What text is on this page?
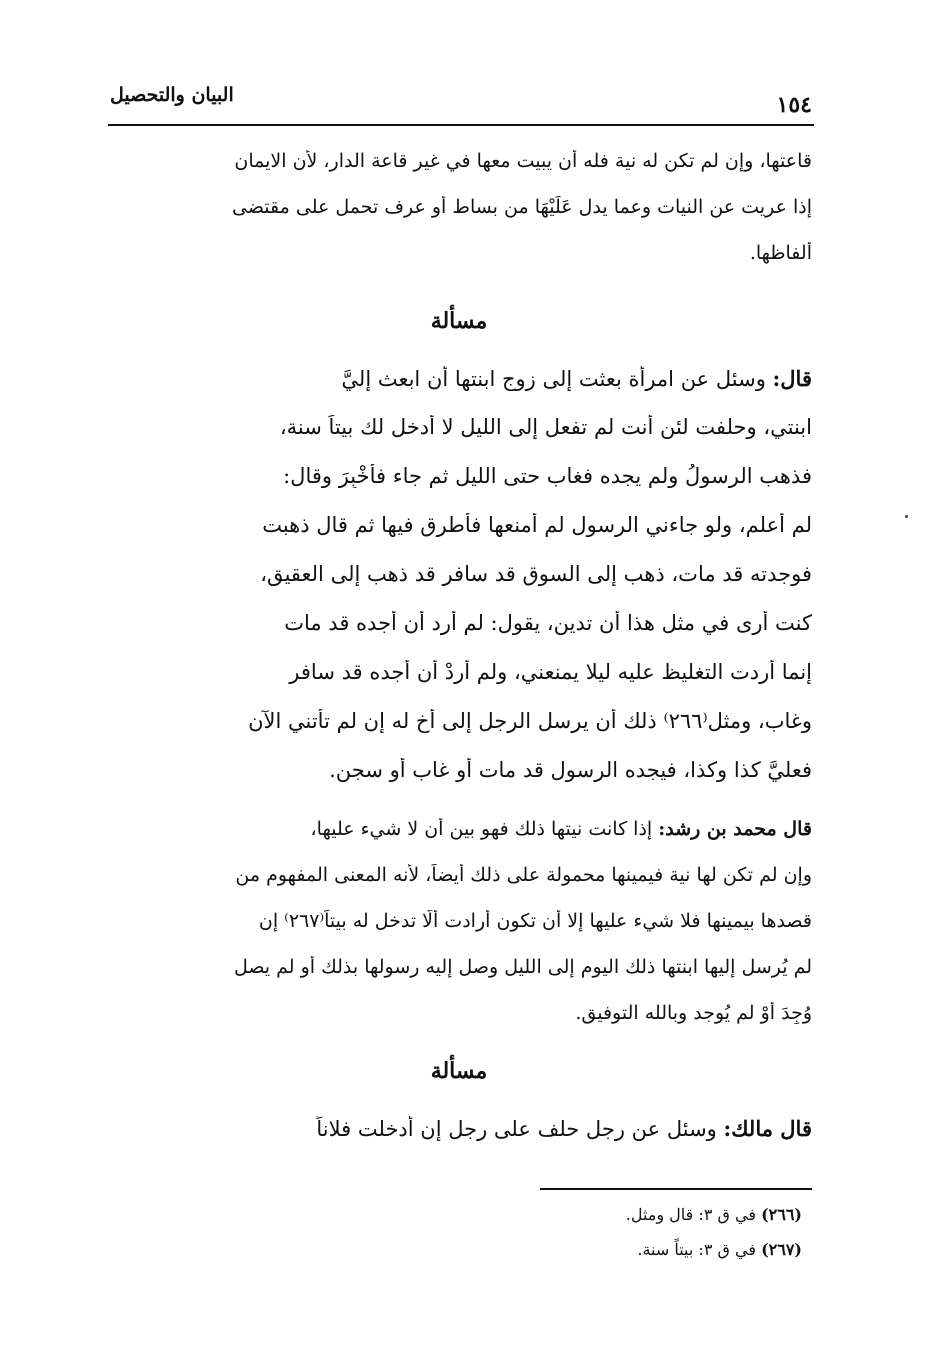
البيان والتحصيل	١٥٤
قاعتها، وإن لم تكن له نية فله أن يبيت معها في غير قاعة الدار، لأن الايمان
إذا عريت عن النيات وعما يدل عَلَيْهَا من بساط أو عرف تحمل على مقتضى
ألفاظها.
مسألة
قال: وسئل عن امرأة بعثت إلى زوج ابنتها أن ابعث إليَّ
ابنتي، وحلفت لئن أنت لم تفعل إلى الليل لا أدخل لك بيتاً سنة،
فذهب الرسولُ ولم يجده فغاب حتى الليل ثم جاء فأُخْبِرَ وقال:
لم أعلم، ولو جاءني الرسول لم أمنعها فأطرق فيها ثم قال ذهبت
فوجدته قد مات، ذهب إلى السوق قد سافر قد ذهب إلى العقيق،
كنت أرى في مثل هذا أن تدين، يقول: لم أرد أن أجده قد مات
إنما أردت التغليظ عليه ليلا يمنعني، ولم أُرِدْ أن أجده قد سافر
وغاب، ومثل⁽٢٦٦⁾ ذلك أن يرسل الرجل إلى أخ له إن لم تأتني الآن
فعليَّ كذا وكذا، فيجده الرسول قد مات أو غاب أو سجن.
قال محمد بن رشد: إذا كانت نيتها ذلك فهو بين أن لا شيء عليها،
وإن لم تكن لها نية فيمينها محمولة على ذلك أيضاً، لأنه المعنى المفهوم من
قصدها بيمينها فلا شيء عليها إلا أن تكون أرادت ألّا تدخل له بيتاً⁽٢٦٧⁾ إن
لم يُرسل إليها ابنتها ذلك اليوم إلى الليل وصل إليه رسولها بذلك أو لم يصل
وُجِدَ أَوْ لم يُوجد وبالله التوفيق.
مسألة
قال مالك: وسئل عن رجل حلف على رجل إن أدخلت فلاناً
(٢٦٦) في ق ٣: قال ومثل.
(٢٦٧) في ق ٣: بيتاً سنة.
